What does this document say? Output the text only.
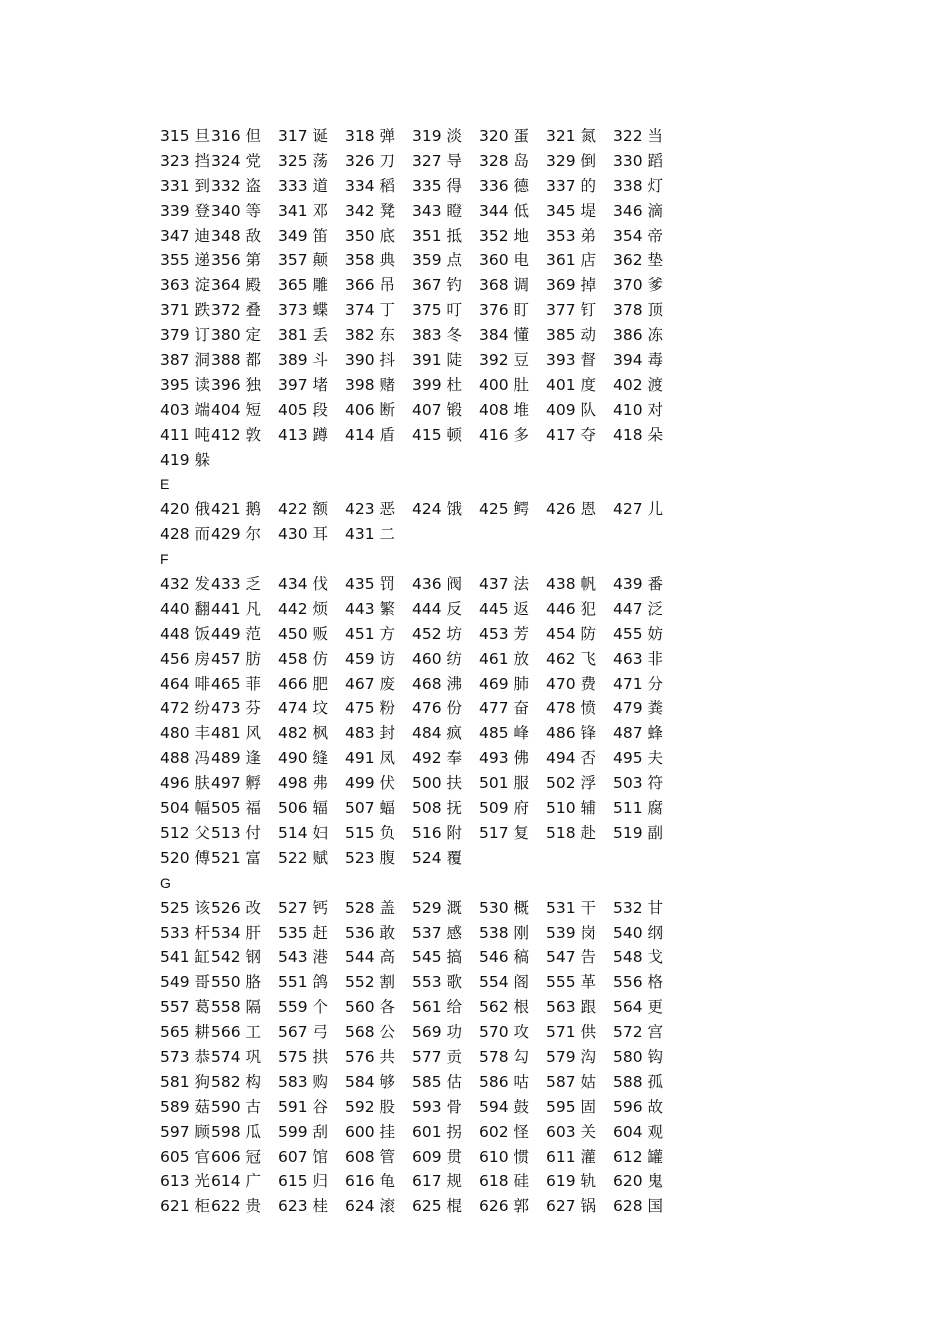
315 旦 316 但 317 诞 318 弹 319 淡 320 蛋 321 氮 322 当
323 挡 324 党 325 荡 326 刀 327 导 328 岛 329 倒 330 蹈
331 到 332 盗 333 道 334 稻 335 得 336 德 337 的 338 灯
339 登 340 等 341 邓 342 凳 343 瞪 344 低 345 堤 346 滴
347 迪 348 敌 349 笛 350 底 351 抵 352 地 353 弟 354 帝
355 递 356 第 357 颠 358 典 359 点 360 电 361 店 362 垫
363 淀 364 殿 365 雕 366 吊 367 钓 368 调 369 掉 370 爹
371 跌 372 叠 373 蝶 374 丁 375 叮 376 盯 377 钉 378 顶
379 订 380 定 381 丢 382 东 383 冬 384 懂 385 动 386 冻
387 洞 388 都 389 斗 390 抖 391 陡 392 豆 393 督 394 毒
395 读 396 独 397 堵 398 赌 399 杜 400 肚 401 度 402 渡
403 端 404 短 405 段 406 断 407 锻 408 堆 409 队 410 对
411 吨 412 敦 413 蹲 414 盾 415 顿 416 多 417 夺 418 朵
419 躲
E
420 俄 421 鹅 422 额 423 恶 424 饿 425 鳄 426 恩 427 儿
428 而 429 尔 430 耳 431 二
F
432 发 433 乏 434 伐 435 罚 436 阀 437 法 438 帆 439 番
440 翻 441 凡 442 烦 443 繁 444 反 445 返 446 犯 447 泛
448 饭 449 范 450 贩 451 方 452 坊 453 芳 454 防 455 妨
456 房 457 肪 458 仿 459 访 460 纺 461 放 462 飞 463 非
464 啡 465 菲 466 肥 467 废 468 沸 469 肺 470 费 471 分
472 纷 473 芬 474 坟 475 粉 476 份 477 奋 478 愤 479 粪
480 丰 481 风 482 枫 483 封 484 疯 485 峰 486 锋 487 蜂
488 冯 489 逢 490 缝 491 凤 492 奉 493 佛 494 否 495 夫
496 肤 497 孵 498 弗 499 伏 500 扶 501 服 502 浮 503 符
504 幅 505 福 506 辐 507 蝠 508 抚 509 府 510 辅 511 腐
512 父 513 付 514 妇 515 负 516 附 517 复 518 赴 519 副
520 傅 521 富 522 赋 523 腹 524 覆
G
525 该 526 改 527 钙 528 盖 529 溉 530 概 531 干 532 甘
533 杆 534 肝 535 赶 536 敢 537 感 538 刚 539 岗 540 纲
541 缸 542 钢 543 港 544 高 545 搞 546 稿 547 告 548 戈
549 哥 550 胳 551 鸽 552 割 553 歌 554 阁 555 革 556 格
557 葛 558 隔 559 个 560 各 561 给 562 根 563 跟 564 更
565 耕 566 工 567 弓 568 公 569 功 570 攻 571 供 572 宫
573 恭 574 巩 575 拱 576 共 577 贡 578 勾 579 沟 580 钩
581 狗 582 构 583 购 584 够 585 估 586 咕 587 姑 588 孤
589 菇 590 古 591 谷 592 股 593 骨 594 鼓 595 固 596 故
597 顾 598 瓜 599 刮 600 挂 601 拐 602 怪 603 关 604 观
605 官 606 冠 607 馆 608 管 609 贯 610 惯 611 灌 612 罐
613 光 614 广 615 归 616 龟 617 规 618 硅 619 轨 620 鬼
621 柜 622 贵 623 桂 624 滚 625 棍 626 郭 627 锅 628 国
